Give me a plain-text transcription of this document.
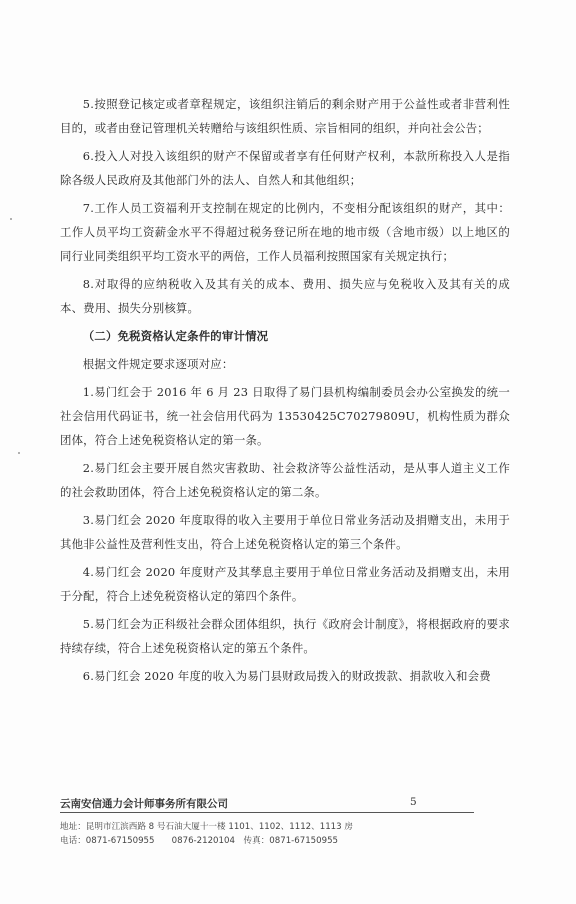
5.按照登记核定或者章程规定，该组织注销后的剩余财产用于公益性或者非营利性目的，或者由登记管理机关转赠给与该组织性质、宗旨相同的组织，并向社会公告；

6.投入人对投入该组织的财产不保留或者享有任何财产权利，本款所称投入人是指除各级人民政府及其他部门外的法人、自然人和其他组织；

7.工作人员工资福利开支控制在规定的比例内，不变相分配该组织的财产，其中：工作人员平均工资薪金水平不得超过税务登记所在地的地市级（含地市级）以上地区的同行业同类组织平均工资水平的两倍，工作人员福利按照国家有关规定执行；

8.对取得的应纳税收入及其有关的成本、费用、损失应与免税收入及其有关的成本、费用、损失分别核算。

（二）免税资格认定条件的审计情况

根据文件规定要求逐项对应：

1.易门红会于 2016 年 6 月 23 日取得了易门县机构编制委员会办公室换发的统一社会信用代码证书，统一社会信用代码为 13530425C70279809U，机构性质为群众团体，符合上述免税资格认定的第一条。

2.易门红会主要开展自然灾害救助、社会救济等公益性活动，是从事人道主义工作的社会救助团体，符合上述免税资格认定的第二条。

3.易门红会 2020 年度取得的收入主要用于单位日常业务活动及捐赠支出，未用于其他非公益性及营利性支出，符合上述免税资格认定的第三个条件。

4.易门红会 2020 年度财产及其孳息主要用于单位日常业务活动及捐赠支出，未用于分配，符合上述免税资格认定的第四个条件。

5.易门红会为正科级社会群众团体组织，执行《政府会计制度》，将根据政府的要求持续存续，符合上述免税资格认定的第五个条件。

6.易门红会 2020 年度的收入为易门县财政局拨入的财政拨款、捐款收入和会费

云南安信通力会计师事务所有限公司	5
地址：昆明市江滨西路 8 号石油大厦十一楼 1101、1102、1112、1113 房
电话：0871-67150955　　0876-2120104　传真：0871-67150955
